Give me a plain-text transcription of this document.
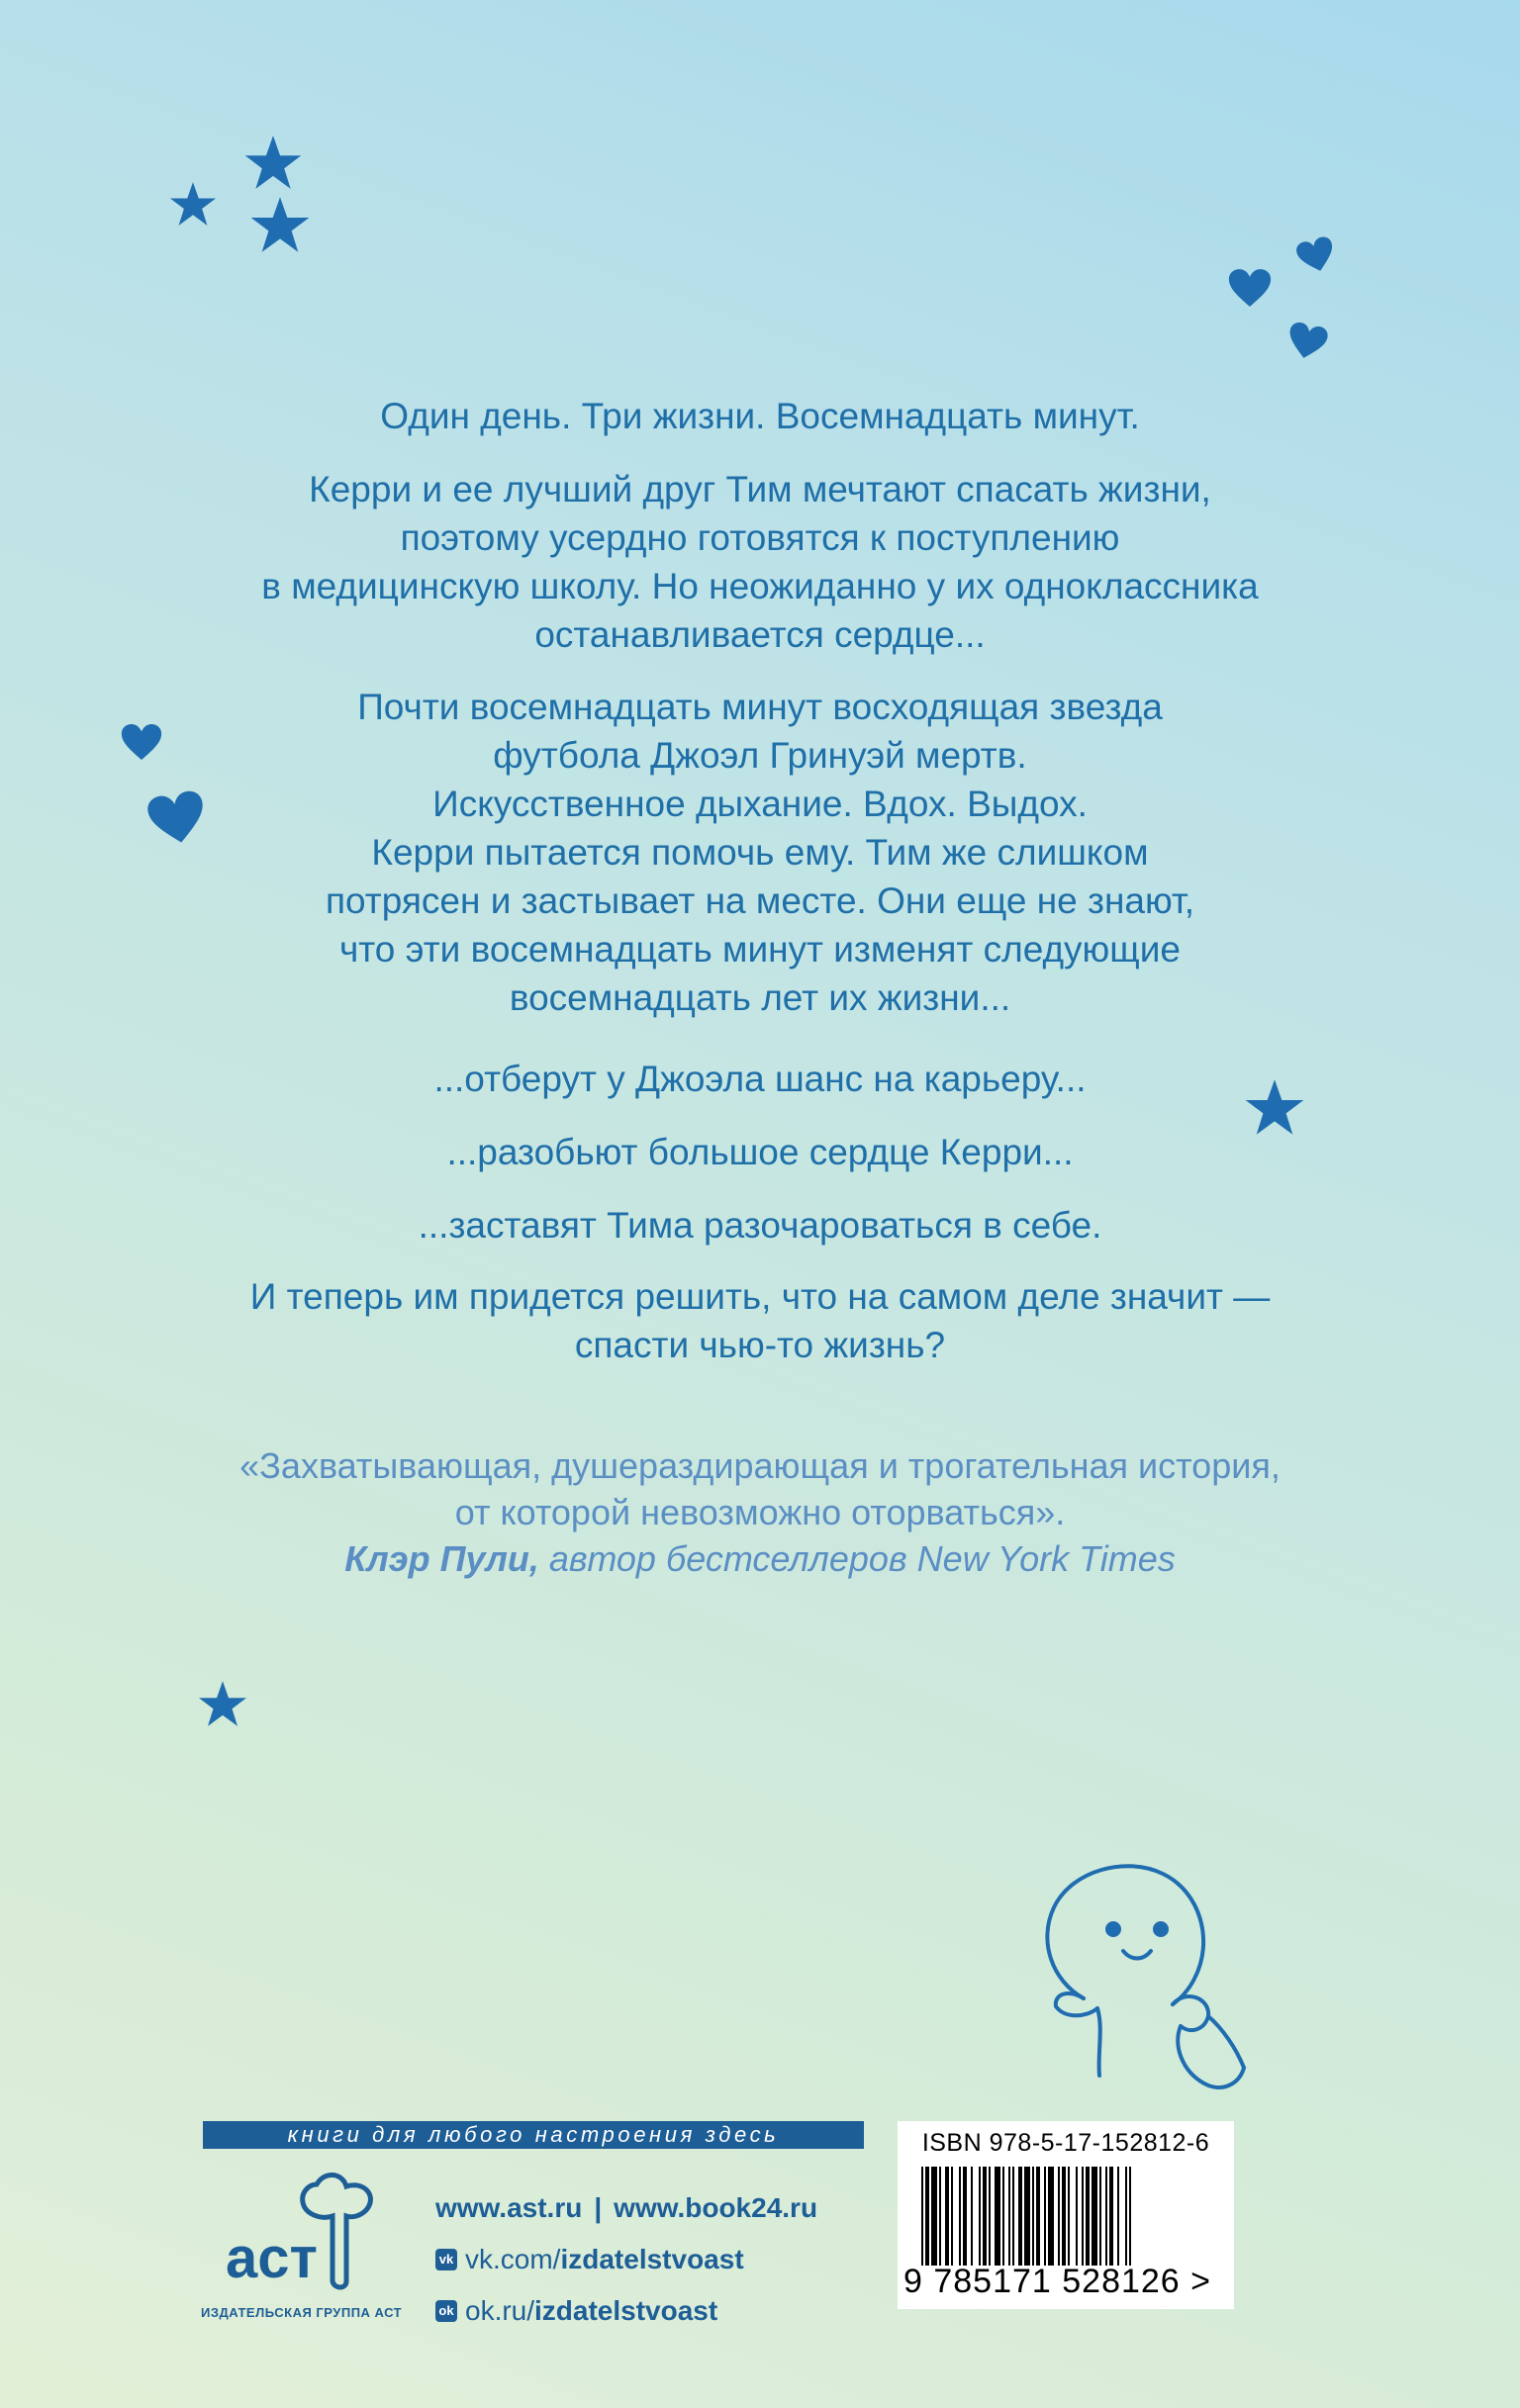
Один день. Три жизни. Восемнадцать минут.
Керри и ее лучший друг Тим мечтают спасать жизни,
поэтому усердно готовятся к поступлению
в медицинскую школу. Но неожиданно у их одноклассника
останавливается сердце...
Почти восемнадцать минут восходящая звезда
футбола Джоэл Гринуэй мертв.
Искусственное дыхание. Вдох. Выдох.
Керри пытается помочь ему. Тим же слишком
потрясен и застывает на месте. Они еще не знают,
что эти восемнадцать минут изменят следующие
восемнадцать лет их жизни...
...отберут у Джоэла шанс на карьеру...
...разобьют большое сердце Керри...
...заставят Тима разочароваться в себе.
И теперь им придется решить, что на самом деле значит —
спасти чью-то жизнь?
«Захватывающая, душераздирающая и трогательная история,
от которой невозможно оторваться».
Клэр Пули, автор бестселлеров New York Times
книги для любого настроения здесь
аст
ИЗДАТЕЛЬСКАЯ ГРУППА АСТ
www.ast.ru | www.book24.ru
vk vk.com/ izdatelstvoast
ok ok.ru/ izdatelstvoast
ISBN 978-5-17-152812-6
9 785171 528126 >
